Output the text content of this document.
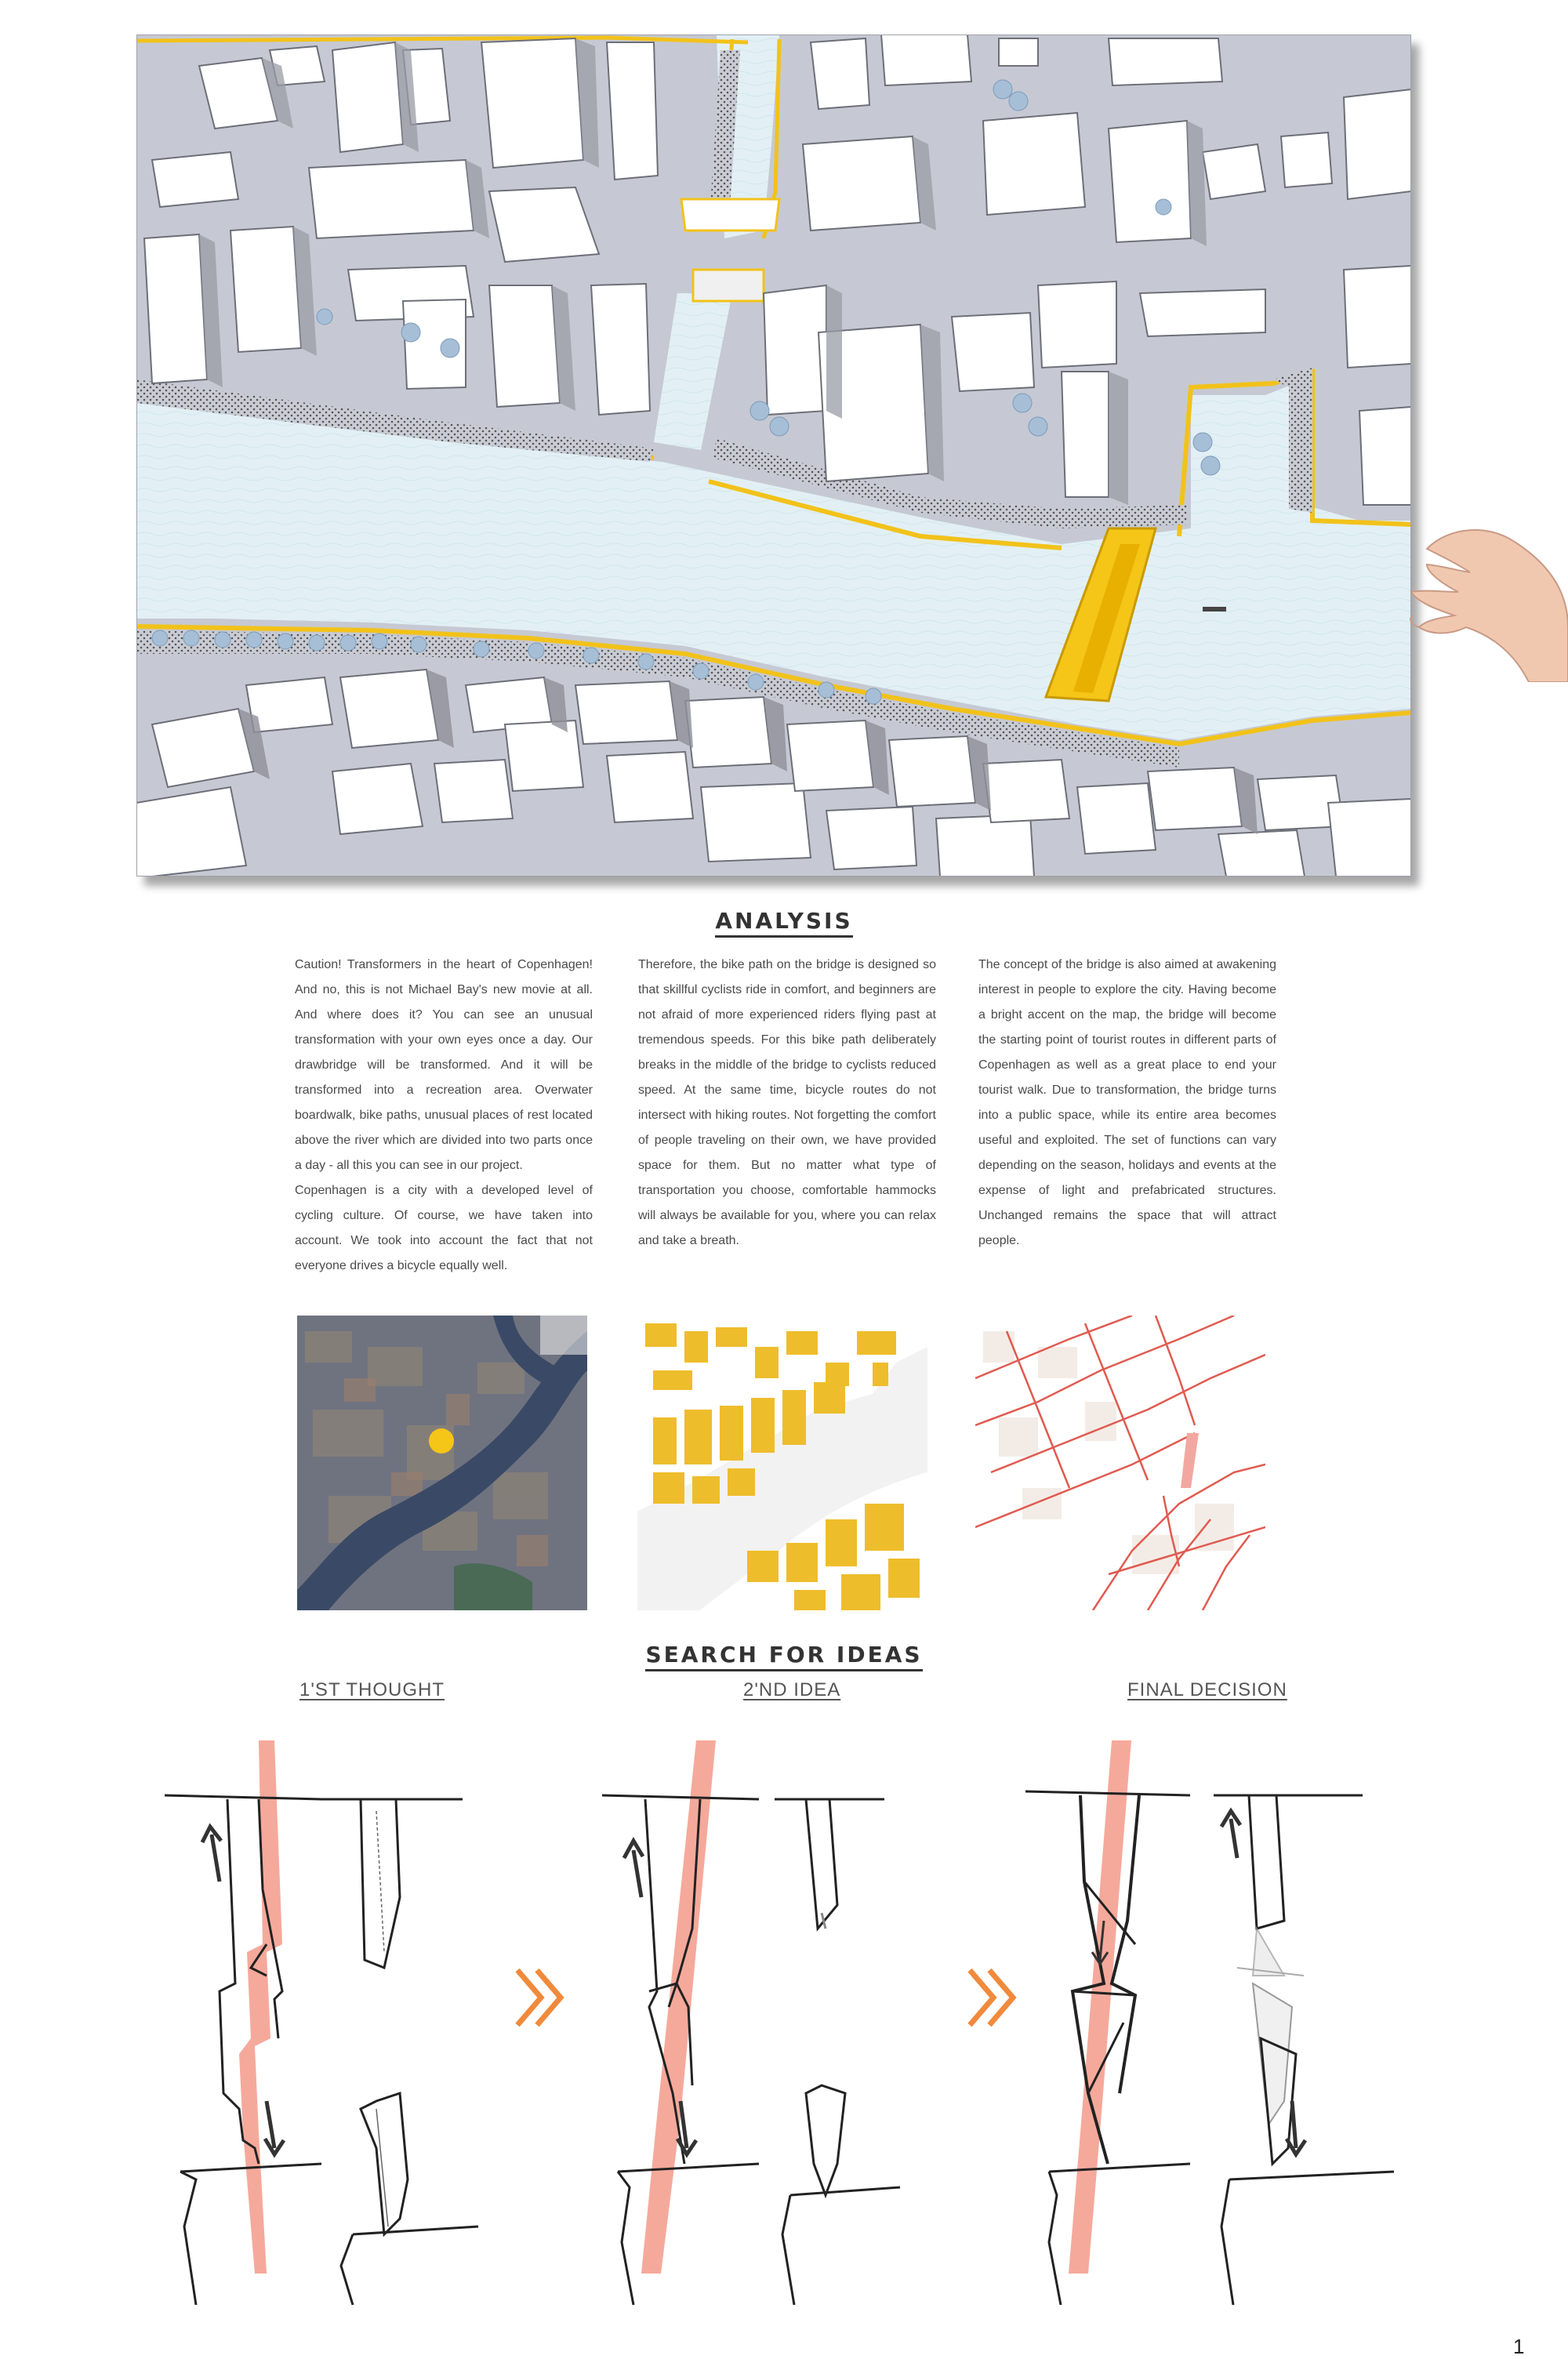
ANALYSIS

Caution! Transformers in the heart of Copenhagen! And no, this is not Michael Bay's new movie at all. And where does it? You can see an unusual transformation with your own eyes once a day. Our drawbridge will be transformed. And it will be transformed into a recreation area. Overwater boardwalk, bike paths, unusual places of rest located above the river which are divided into two parts once a day - all this you can see in our project.
Copenhagen is a city with a developed level of cycling culture. Of course, we have taken into account. We took into account the fact that not everyone drives a bicycle equally well.

Therefore, the bike path on the bridge is designed so that skillful cyclists ride in comfort, and beginners are not afraid of more experienced riders flying past at tremendous speeds. For this bike path deliberately breaks in the middle of the bridge to cyclists reduced speed. At the same time, bicycle routes do not intersect with hiking routes. Not forgetting the comfort of people traveling on their own, we have provided space for them. But no matter what type of transportation you choose, comfortable hammocks will always be available for you, where you can relax and take a breath.

The concept of the bridge is also aimed at awakening interest in people to explore the city. Having become a bright accent on the map, the bridge will become the starting point of tourist routes in different parts of Copenhagen as well as a great place to end your tourist walk. Due to transformation, the bridge turns into a public space, while its entire area becomes useful and exploited. The set of functions can vary depending on the season, holidays and events at the expense of light and prefabricated structures. Unchanged remains the space that will attract people.

SEARCH FOR IDEAS
1'ST THOUGHT	2'ND IDEA	FINAL DECISION
1
